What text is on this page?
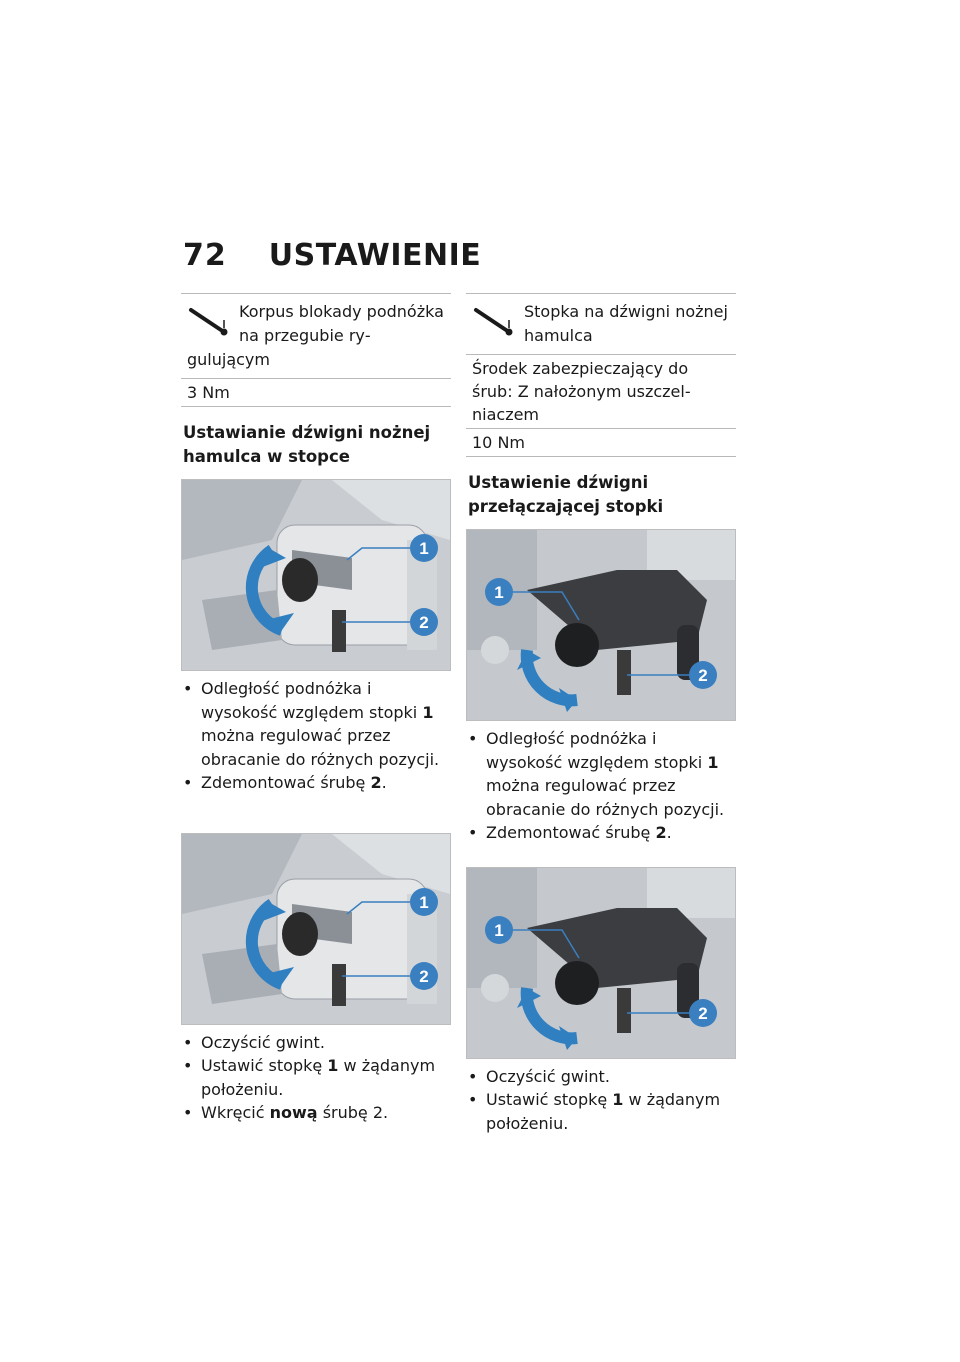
72 USTAWIENIE
Korpus blokady podnóżka na przegubie rygulującym
3 Nm
Ustawianie dźwigni nożnej hamulca w stopce
1
2
• Odległość podnóżka i wysokość względem stopki 1 można regulować przez obracanie do różnych pozycji.
• Zdemontować śrubę 2.
1
2
• Oczyścić gwint.
• Ustawić stopkę 1 w żądanym położeniu.
• Wkręcić nową śrubę 2.
Stopka na dźwigni nożnej hamulca
Środek zabezpieczający do śrub: Z nałożonym uszczelniaczem
10 Nm
Ustawienie dźwigni przełączającej stopki
1
2
• Odległość podnóżka i wysokość względem stopki 1 można regulować przez obracanie do różnych pozycji.
• Zdemontować śrubę 2.
1
2
• Oczyścić gwint.
• Ustawić stopkę 1 w żądanym położeniu.
